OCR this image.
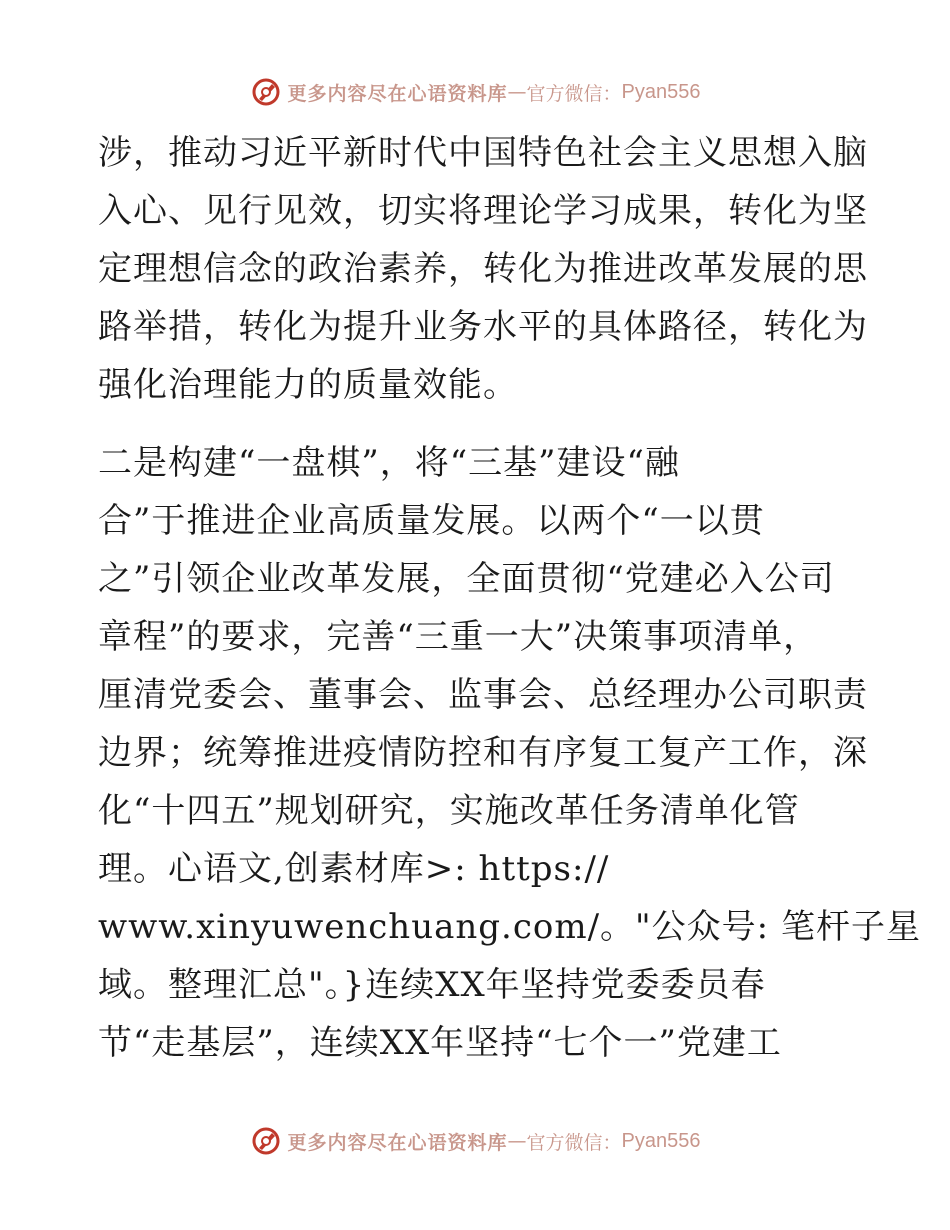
更多内容尽在心语资料库 — 官方微信： Pyan556
涉，推动习近平新时代中国特色社会主义思想入脑
入心、见行见效，切实将理论学习成果，转化为坚
定理想信念的政治素养，转化为推进改革发展的思
路举措，转化为提升业务水平的具体路径，转化为
强化治理能力的质量效能。
二是构建“一盘棋”，将“三基”建设“融
合”于推进企业高质量发展。以两个“一以贯
之”引领企业改革发展，全面贯彻“党建必入公司
章程”的要求，完善“三重一大”决策事项清单，
厘清党委会、董事会、监事会、总经理办公司职责
边界；统筹推进疫情防控和有序复工复产工作，深
化“十四五”规划研究，实施改革任务清单化管
理。心语文,创素材库>: https://
www.xinyuwenchuang.com/。"公众号: 笔杆子星
域。整理汇总"。}连续XX年坚持党委委员春
节“走基层”，连续XX年坚持“七个一”党建工
更多内容尽在心语资料库 — 官方微信： Pyan556
